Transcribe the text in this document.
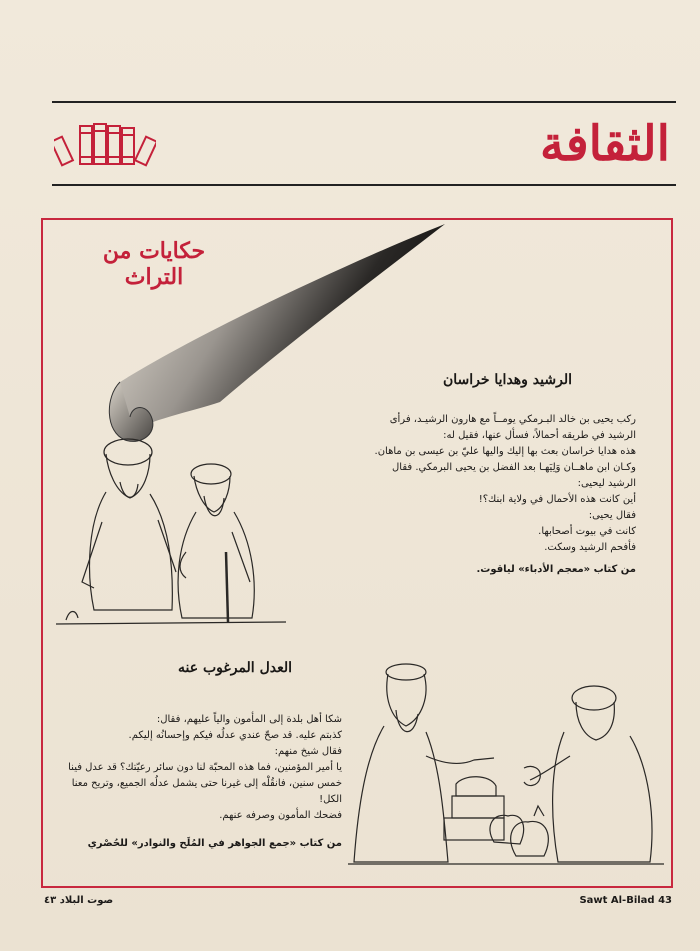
الثقافة
حكايات من التراث
الرشيد وهدايا خراسان

ركب يحيى بن خالد البـرمكي يومــاً مع هارون الرشيـد، فرأى

الرشيد في طريقه أحمالاً، فسأل عنها، فقيل له:

هذه هدايا خراسان بعث بها إليك واليها عليّ بن عيسى بن ماهان.

وكـان ابن ماهــان وَلِيَهـا بعد الفضل بن يحيى البرمكي. فقال

الرشيد ليحيى:

أين كانت هذه الأحمال في ولاية ابنك؟!

فقال يحيى:

كانت في بيوت أصحابها.

فأفحم الرشيد وسكت.

من كتاب «معجم الأدباء» لياقوت.

العدل المرغوب عنه

شكا أهل بلدة إلى المأمون والياً عليهم، فقال:

كذبتم عليه. قد صحّ عندي عدلُه فيكم وإحسانُه إليكم.

فقال شيخ منهم:

يا أمير المؤمنين، فما هذه المحبّة لنا دون سائر رعيّتك؟ قد عدل فينا

خمس سنين، فانقُلْه إلى غيرنا حتى يشمل عدلُه الجميع، وتريح معنا

الكل!

فضحك المأمون وصرفه عنهم.

من كتاب «جمع الجواهر في المُلَح والنوادر» للحُصْري

صوت البلاد ٤٣	Sawt Al-Bilad 43
